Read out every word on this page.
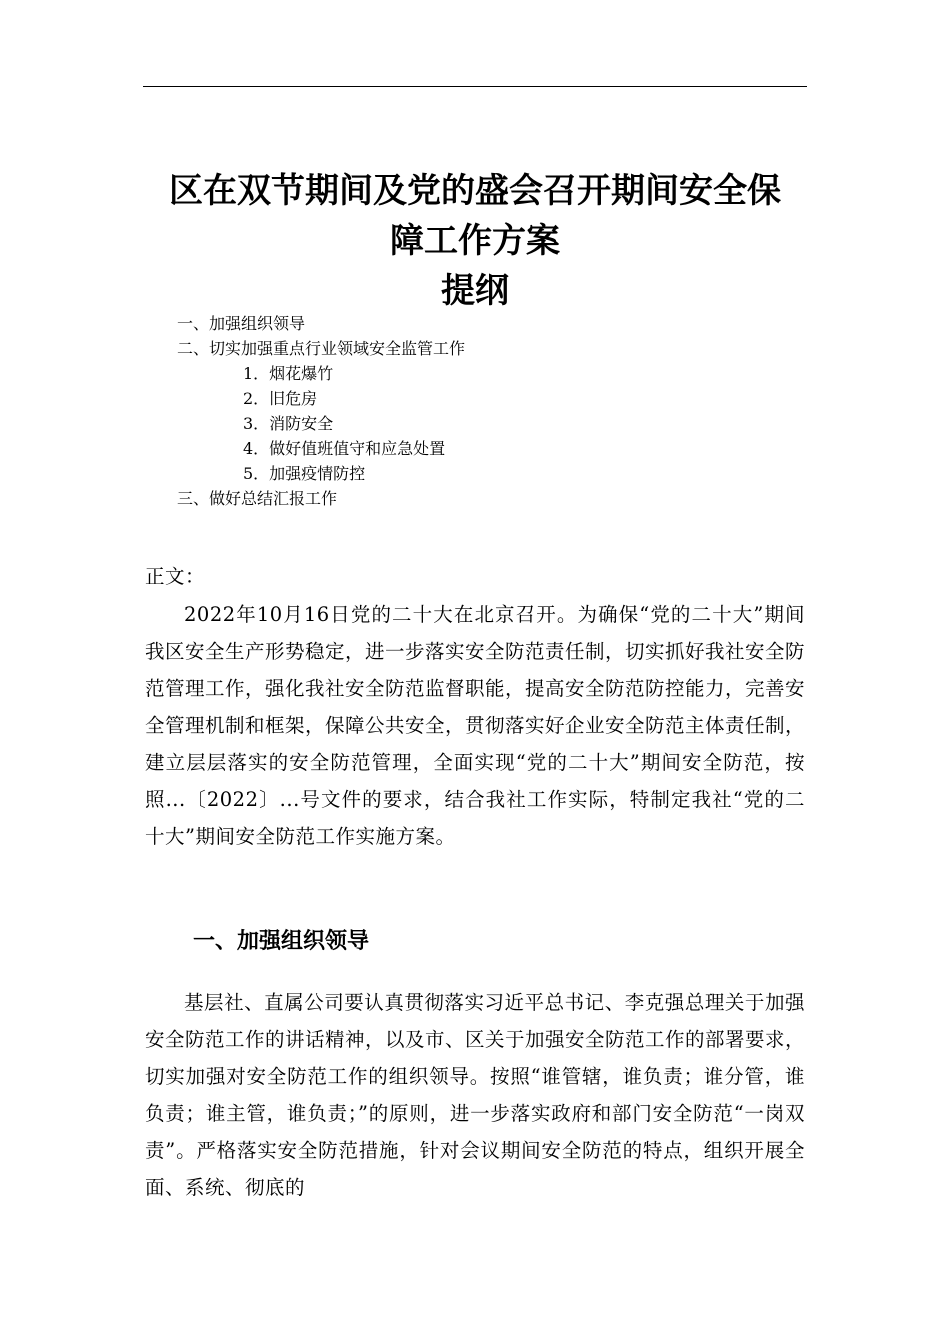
区在双节期间及党的盛会召开期间安全保
障工作方案
提纲
一、加强组织领导
二、切实加强重点行业领域安全监管工作
1．烟花爆竹
2．旧危房
3．消防安全
4．做好值班值守和应急处置
5．加强疫情防控
三、做好总结汇报工作
正文：
2022年10月16日党的二十大在北京召开。为确保“党的二十大”期间我区安全生产形势稳定，进一步落实安全防范责任制，切实抓好我社安全防范管理工作，强化我社安全防范监督职能，提高安全防范防控能力，完善安全管理机制和框架，保障公共安全，贯彻落实好企业安全防范主体责任制，建立层层落实的安全防范管理，全面实现“党的二十大”期间安全防范，按照...〔2022〕...号文件的要求，结合我社工作实际，特制定我社“党的二十大”期间安全防范工作实施方案。
一、加强组织领导
基层社、直属公司要认真贯彻落实习近平总书记、李克强总理关于加强安全防范工作的讲话精神，以及市、区关于加强安全防范工作的部署要求，切实加强对安全防范工作的组织领导。按照“谁管辖，谁负责；谁分管，谁负责；谁主管，谁负责；”的原则，进一步落实政府和部门安全防范“一岗双责”。严格落实安全防范措施，针对会议期间安全防范的特点，组织开展全面、系统、彻底的
